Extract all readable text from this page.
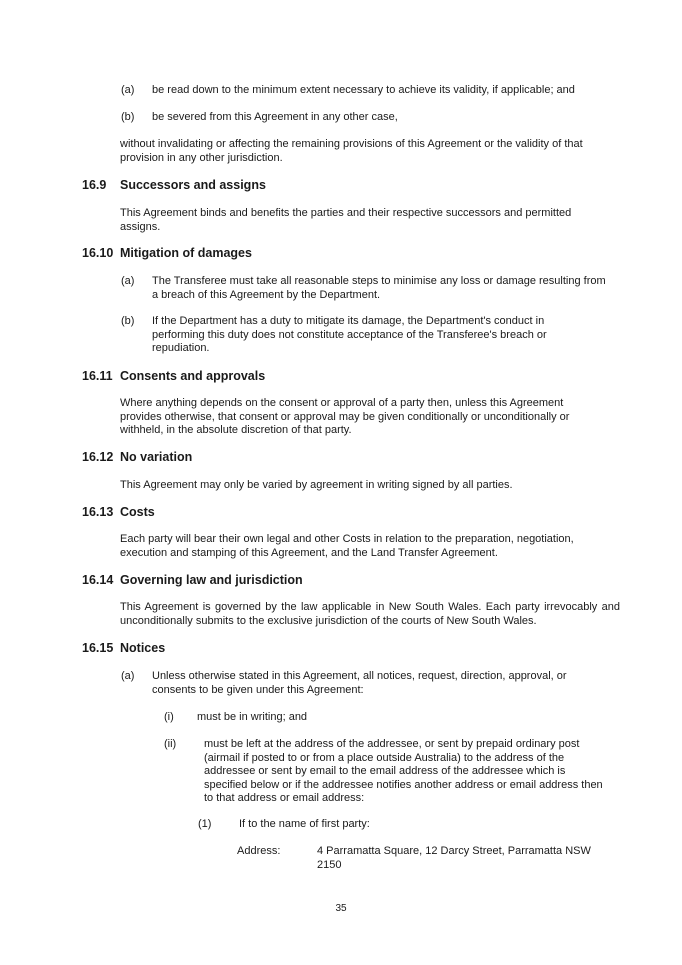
(a) be read down to the minimum extent necessary to achieve its validity, if applicable; and

(b) be severed from this Agreement in any other case,

without invalidating or affecting the remaining provisions of this Agreement or the validity of that provision in any other jurisdiction.

16.9 Successors and assigns

This Agreement binds and benefits the parties and their respective successors and permitted assigns.

16.10 Mitigation of damages
(a) The Transferee must take all reasonable steps to minimise any loss or damage resulting from a breach of this Agreement by the Department.

(b) If the Department has a duty to mitigate its damage, the Department's conduct in performing this duty does not constitute acceptance of the Transferee's breach or repudiation.

16.11 Consents and approvals

Where anything depends on the consent or approval of a party then, unless this Agreement provides otherwise, that consent or approval may be given conditionally or unconditionally or withheld, in the absolute discretion of that party.

16.12 No variation

This Agreement may only be varied by agreement in writing signed by all parties.

16.13 Costs

Each party will bear their own legal and other Costs in relation to the preparation, negotiation, execution and stamping of this Agreement, and the Land Transfer Agreement.

16.14 Governing law and jurisdiction

This Agreement is governed by the law applicable in New South Wales. Each party irrevocably and unconditionally submits to the exclusive jurisdiction of the courts of New South Wales.

16.15 Notices
(a) Unless otherwise stated in this Agreement, all notices, request, direction, approval, or consents to be given under this Agreement:

(i) must be in writing; and

(ii)	must be left at the address of the addressee, or sent by prepaid ordinary post (airmail if posted to or from a place outside Australia) to the address of the addressee or sent by email to the email address of the addressee which is specified below or if the addressee notifies another address or email address then to that address or email address:

(1)	If to the name of first party:

Address:	4 Parramatta Square, 12 Darcy Street, Parramatta NSW 2150

35
